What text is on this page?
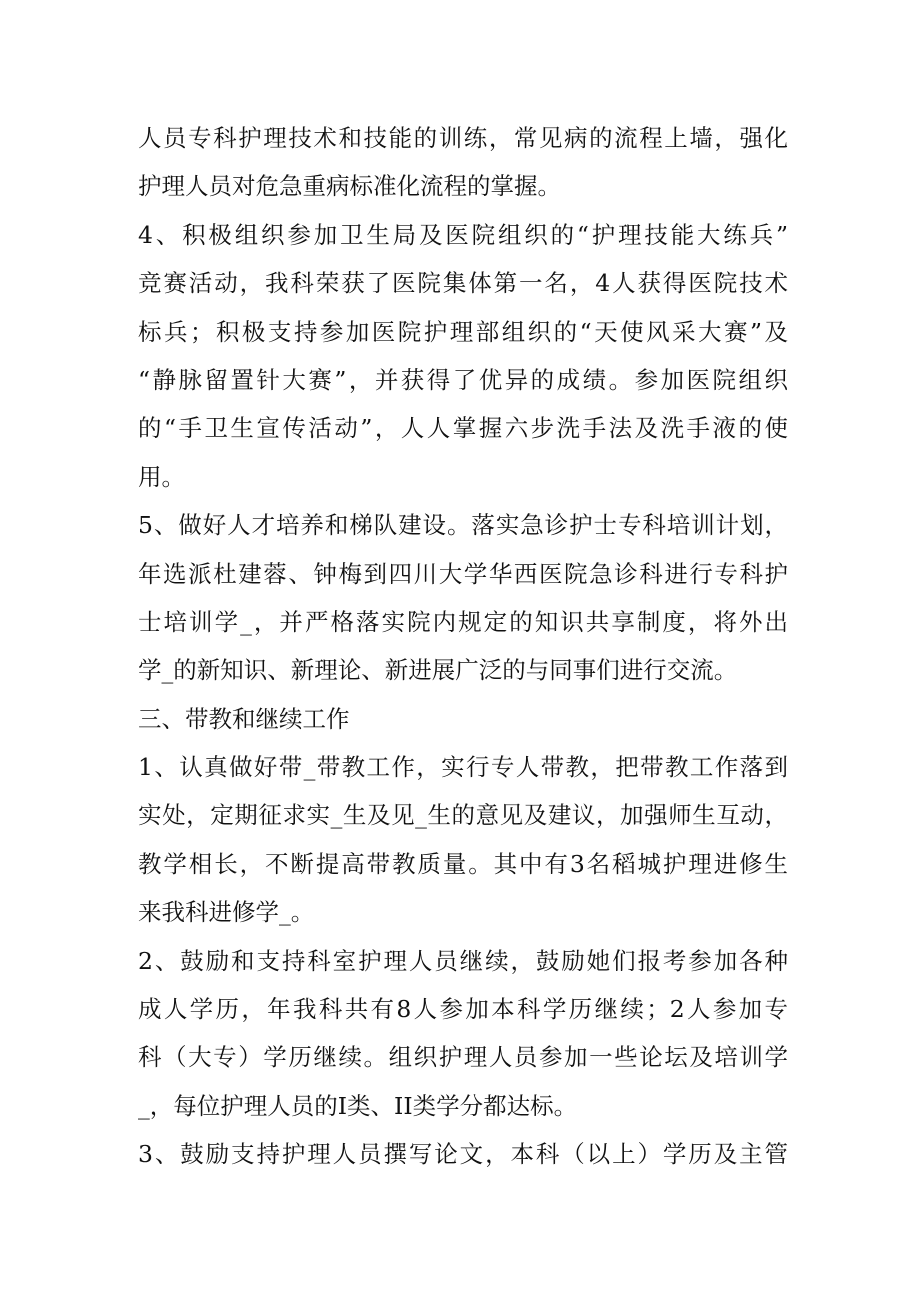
人员专科护理技术和技能的训练，常见病的流程上墙，强化
护理人员对危急重病标准化流程的掌握。
4、积极组织参加卫生局及医院组织的“护理技能大练兵”
竞赛活动，我科荣获了医院集体第一名，4人获得医院技术
标兵；积极支持参加医院护理部组织的“天使风采大赛”及
“静脉留置针大赛”，并获得了优异的成绩。参加医院组织
的“手卫生宣传活动”，人人掌握六步洗手法及洗手液的使
用。
5、做好人才培养和梯队建设。落实急诊护士专科培训计划，
年选派杜建蓉、钟梅到四川大学华西医院急诊科进行专科护
士培训学_，并严格落实院内规定的知识共享制度，将外出
学_的新知识、新理论、新进展广泛的与同事们进行交流。
三、带教和继续工作
1、认真做好带_带教工作，实行专人带教，把带教工作落到
实处，定期征求实_生及见_生的意见及建议，加强师生互动，
教学相长，不断提高带教质量。其中有3名稻城护理进修生
来我科进修学_。
2、鼓励和支持科室护理人员继续，鼓励她们报考参加各种
成人学历，年我科共有8人参加本科学历继续；2人参加专
科（大专）学历继续。组织护理人员参加一些论坛及培训学
_，每位护理人员的I类、II类学分都达标。
3、鼓励支持护理人员撰写论文，本科（以上）学历及主管
